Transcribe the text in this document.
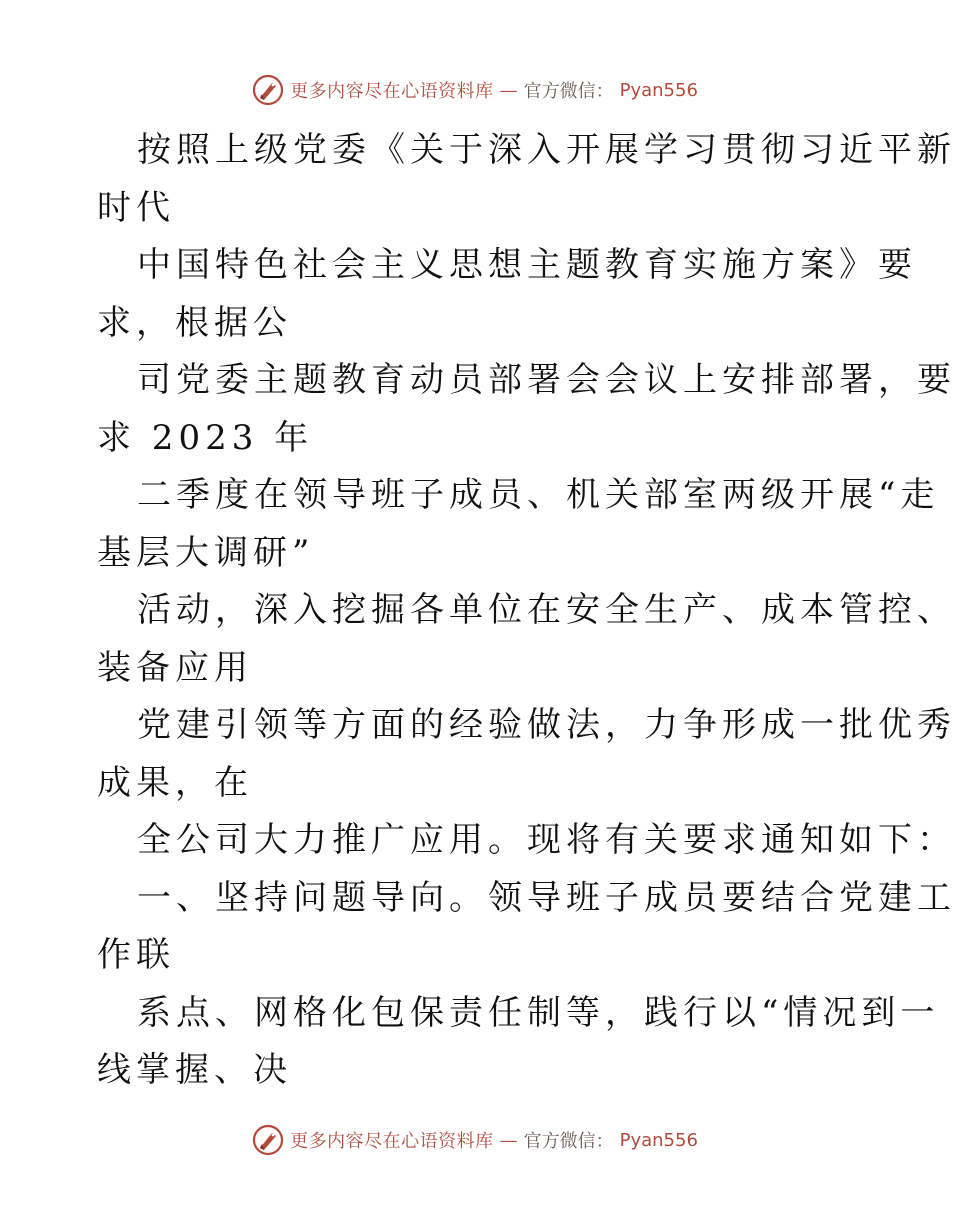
更多内容尽在心语资料库 — 官方微信： Pyan556
按照上级党委《关于深入开展学习贯彻习近平新
时代
中国特色社会主义思想主题教育实施方案》要
求，根据公
司党委主题教育动员部署会会议上安排部署，要
求 2023 年
二季度在领导班子成员、机关部室两级开展“走
基层大调研”
活动，深入挖掘各单位在安全生产、成本管控、
装备应用
党建引领等方面的经验做法，力争形成一批优秀
成果，在
全公司大力推广应用。现将有关要求通知如下：
一、坚持问题导向。领导班子成员要结合党建工
作联
系点、网格化包保责任制等，践行以“情况到一
线掌握、决
更多内容尽在心语资料库 — 官方微信： Pyan556
